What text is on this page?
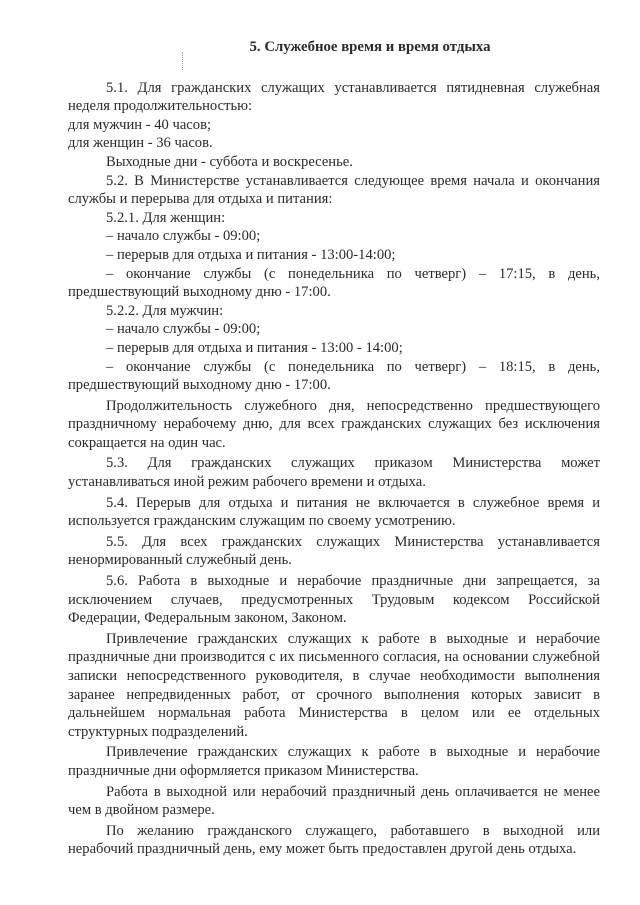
5. Служебное время и время отдыха

5.1. Для гражданских служащих устанавливается пятидневная служебная неделя продолжительностью:

для мужчин - 40 часов;

для женщин - 36 часов.

Выходные дни - суббота и воскресенье.

5.2. В Министерстве устанавливается следующее время начала и окончания службы и перерыва для отдыха и питания:

5.2.1. Для женщин:

– начало службы - 09:00;

– перерыв для отдыха и питания - 13:00-14:00;

– окончание службы (с понедельника по четверг) – 17:15, в день, предшествующий выходному дню - 17:00.

5.2.2. Для мужчин:

– начало службы - 09:00;

– перерыв для отдыха и питания - 13:00 - 14:00;

– окончание службы (с понедельника по четверг) – 18:15, в день, предшествующий выходному дню - 17:00.

Продолжительность служебного дня, непосредственно предшествующего праздничному нерабочему дню, для всех гражданских служащих без исключения сокращается на один час.

5.3. Для гражданских служащих приказом Министерства может устанавливаться иной режим рабочего времени и отдыха.

5.4. Перерыв для отдыха и питания не включается в служебное время и используется гражданским служащим по своему усмотрению.

5.5. Для всех гражданских служащих Министерства устанавливается ненормированный служебный день.

5.6. Работа в выходные и нерабочие праздничные дни запрещается, за исключением случаев, предусмотренных Трудовым кодексом Российской Федерации, Федеральным законом, Законом.

Привлечение гражданских служащих к работе в выходные и нерабочие праздничные дни производится с их письменного согласия, на основании служебной записки непосредственного руководителя, в случае необходимости выполнения заранее непредвиденных работ, от срочного выполнения которых зависит в дальнейшем нормальная работа Министерства в целом или ее отдельных структурных подразделений.

Привлечение гражданских служащих к работе в выходные и нерабочие праздничные дни оформляется приказом Министерства.

Работа в выходной или нерабочий праздничный день оплачивается не менее чем в двойном размере.

По желанию гражданского служащего, работавшего в выходной или нерабочий праздничный день, ему может быть предоставлен другой день отдыха.
